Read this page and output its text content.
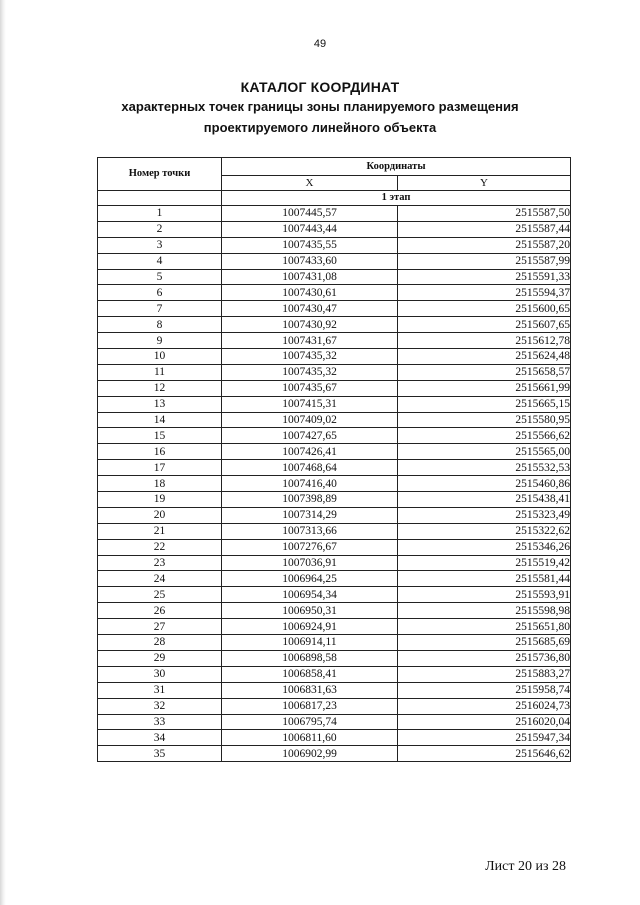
49
КАТАЛОГ КООРДИНАТ
характерных точек границы зоны планируемого размещения
проектируемого линейного объекта
Номер точки	Координаты	
	X	Y
	1 этап	
1	1007445,57	2515587,50
2	1007443,44	2515587,44
3	1007435,55	2515587,20
4	1007433,60	2515587,99
5	1007431,08	2515591,33
6	1007430,61	2515594,37
7	1007430,47	2515600,65
8	1007430,92	2515607,65
9	1007431,67	2515612,78
10	1007435,32	2515624,48
11	1007435,32	2515658,57
12	1007435,67	2515661,99
13	1007415,31	2515665,15
14	1007409,02	2515580,95
15	1007427,65	2515566,62
16	1007426,41	2515565,00
17	1007468,64	2515532,53
18	1007416,40	2515460,86
19	1007398,89	2515438,41
20	1007314,29	2515323,49
21	1007313,66	2515322,62
22	1007276,67	2515346,26
23	1007036,91	2515519,42
24	1006964,25	2515581,44
25	1006954,34	2515593,91
26	1006950,31	2515598,98
27	1006924,91	2515651,80
28	1006914,11	2515685,69
29	1006898,58	2515736,80
30	1006858,41	2515883,27
31	1006831,63	2515958,74
32	1006817,23	2516024,73
33	1006795,74	2516020,04
34	1006811,60	2515947,34
35	1006902,99	2515646,62
Лист 20 из 28
